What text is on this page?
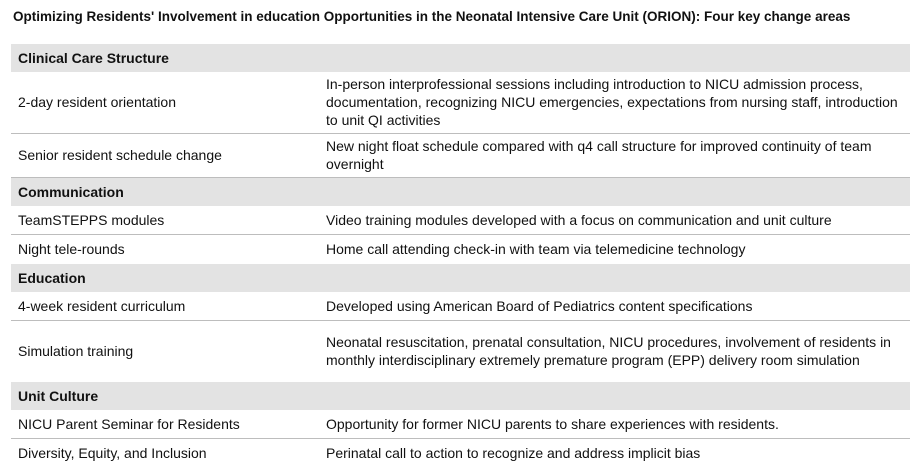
Optimizing Residents' Involvement in education Opportunities in the Neonatal Intensive Care Unit (ORION): Four key change areas
Clinical Care Structure	
2-day resident orientation	In-person interprofessional sessions including introduction to NICU admission process, documentation, recognizing NICU emergencies, expectations from nursing staff, introduction to unit QI activities
Senior resident schedule change	New night float schedule compared with q4 call structure for improved continuity of team overnight
Communication	
TeamSTEPPS modules	Video training modules developed with a focus on communication and unit culture
Night tele-rounds	Home call attending check-in with team via telemedicine technology
Education	
4-week resident curriculum	Developed using American Board of Pediatrics content specifications
Simulation training	Neonatal resuscitation, prenatal consultation, NICU procedures, involvement of residents in monthly interdisciplinary extremely premature program (EPP) delivery room simulation
Unit Culture	
NICU Parent Seminar for Residents	Opportunity for former NICU parents to share experiences with residents.
Diversity, Equity, and Inclusion	Perinatal call to action to recognize and address implicit bias
